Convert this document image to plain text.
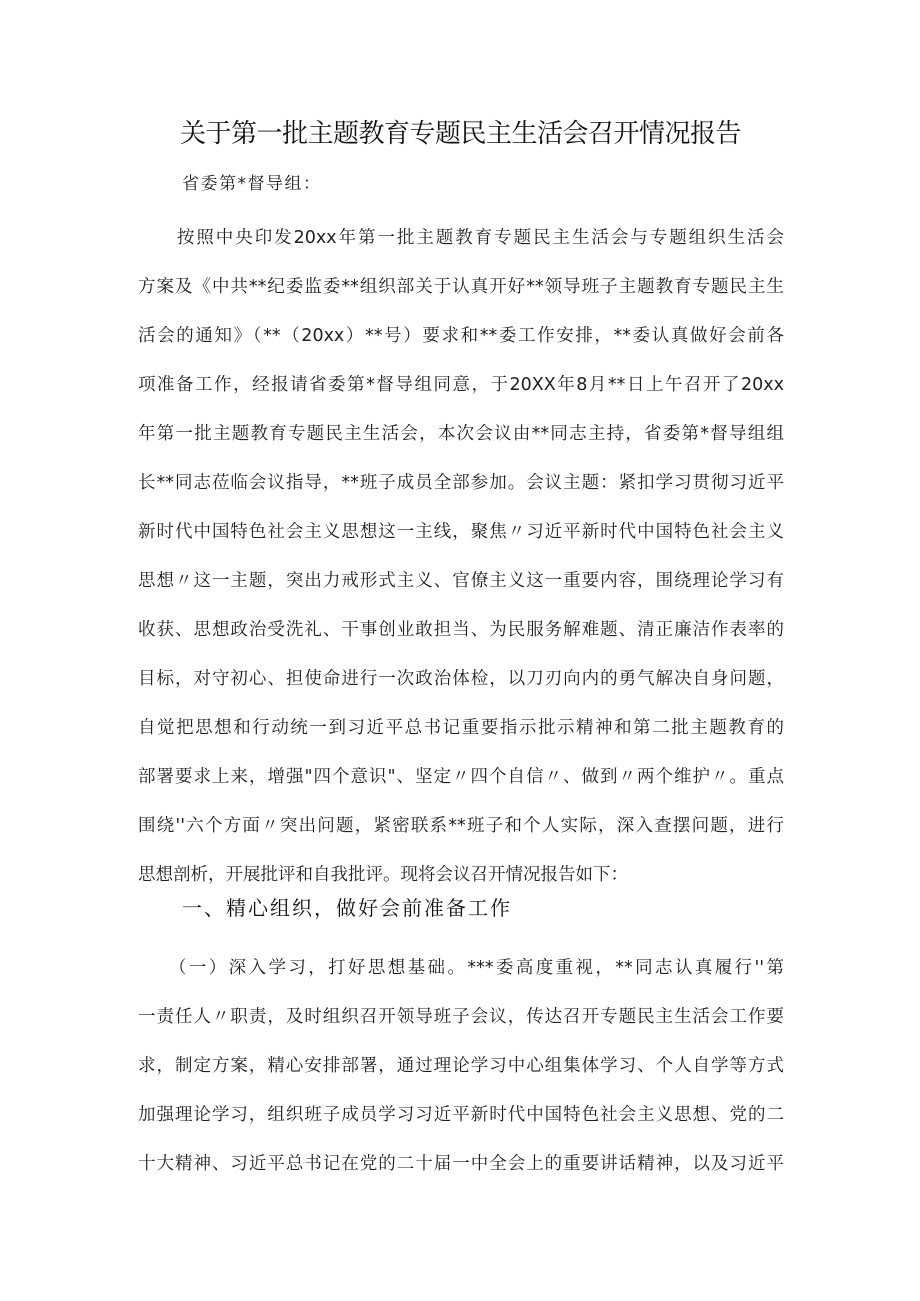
关于第一批主题教育专题民主生活会召开情况报告
省委第*督导组：
　　按照中央印发20xx年第一批主题教育专题民主生活会与专题组织生活会
方案及《中共**纪委监委**组织部关于认真开好**领导班子主题教育专题民主生
活会的通知》（**（20xx）**号）要求和**委工作安排，**委认真做好会前各
项准备工作，经报请省委第*督导组同意，于20XX年8月**日上午召开了20xx
年第一批主题教育专题民主生活会，本次会议由**同志主持，省委第*督导组组
长**同志莅临会议指导，**班子成员全部参加。会议主题：紧扣学习贯彻习近平
新时代中国特色社会主义思想这一主线，聚焦〃习近平新时代中国特色社会主义
思想〃这一主题，突出力戒形式主义、官僚主义这一重要内容，围绕理论学习有
收获、思想政治受洗礼、干事创业敢担当、为民服务解难题、清正廉洁作表率的
目标，对守初心、担使命进行一次政治体检，以刀刃向内的勇气解决自身问题，
自觉把思想和行动统一到习近平总书记重要指示批示精神和第二批主题教育的
部署要求上来，增强"四个意识"、坚定〃四个自信〃、做到〃两个维护〃。重点
围绕''六个方面〃突出问题，紧密联系**班子和个人实际，深入查摆问题，进行
思想剖析，开展批评和自我批评。现将会议召开情况报告如下：
一、精心组织，做好会前准备工作
　　（一）深入学习，打好思想基础。***委高度重视，**同志认真履行''第
一责任人〃职责，及时组织召开领导班子会议，传达召开专题民主生活会工作要
求，制定方案，精心安排部署，通过理论学习中心组集体学习、个人自学等方式
加强理论学习，组织班子成员学习习近平新时代中国特色社会主义思想、党的二
十大精神、习近平总书记在党的二十届一中全会上的重要讲话精神，以及习近平
